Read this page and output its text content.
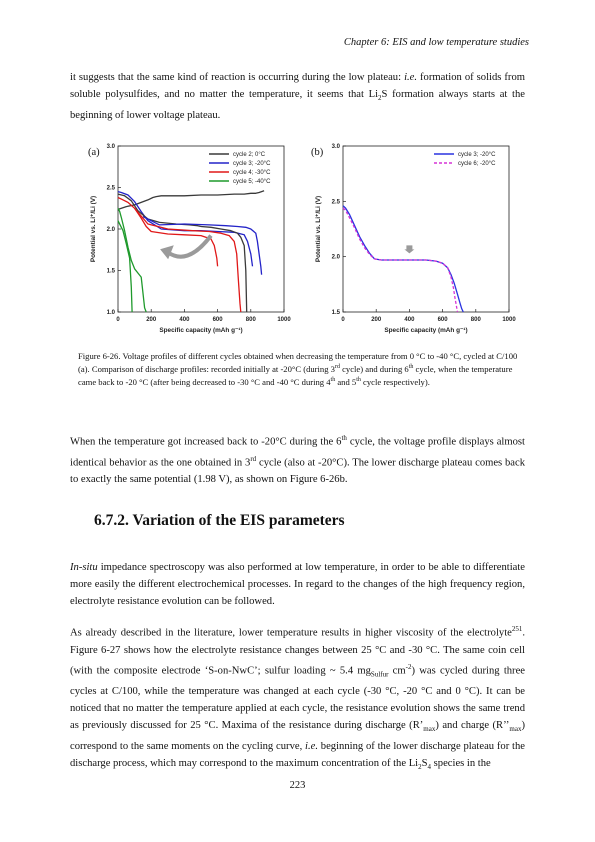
Chapter 6: EIS and low temperature studies

it suggests that the same kind of reaction is occurring during the low plateau: i.e. formation of solids from soluble polysulfides, and no matter the temperature, it seems that $Li_2S$ formation always starts at the beginning of lower voltage plateau.

(a)	(b)
0	200	400	600	800	1000
1.0
1.5
2.0
2.5
3.0
Specific capacity (mAh g⁻¹)
Potential vs. Li⁺/Li (V)
cycle 2; 0°C
cycle 3; -20°C
cycle 4; -30°C
cycle 5; -40°C
0	200	400	600	800	1000
1.5
2.0
2.5
3.0
Specific capacity (mAh g⁻¹)
Potential vs. Li⁺/Li (V)
cycle 3; -20°C
cycle 6; -20°C

Figure 6-26. Voltage profiles of different cycles obtained when decreasing the temperature from 0 °C to -40 °C, cycled at C/100 (a). Comparison of discharge profiles: recorded initially at -20°C (during 3rd cycle) and during 6th cycle, when the temperature came back to -20 °C (after being decreased to -30 °C and -40 °C during 4th and 5th cycle respectively).

When the temperature got increased back to -20°C during the 6th cycle, the voltage profile displays almost identical behavior as the one obtained in 3rd cycle (also at -20°C). The lower discharge plateau comes back to exactly the same potential (1.98 V), as shown on Figure 6-26b.

6.7.2. Variation of the EIS parameters

In-situ impedance spectroscopy was also performed at low temperature, in order to be able to differentiate more easily the different electrochemical processes. In regard to the changes of the high frequency region, electrolyte resistance evolution can be followed.

As already described in the literature, lower temperature results in higher viscosity of the electrolyte$^{251}$. Figure 6-27 shows how the electrolyte resistance changes between 25 °C and -30 °C. The same coin cell (with the composite electrode ‘S-on-NwC’; sulfur loading ~ 5.4 $mg_{Sulfur}$ $cm^{-2}$) was cycled during three cycles at C/100, while the temperature was changed at each cycle (-30 °C, -20 °C and 0 °C). It can be noticed that no matter the temperature applied at each cycle, the resistance evolution shows the same trend as previously discussed for 25 °C. Maxima of the resistance during discharge $(R’_{max})$ and charge $(R’’_{max})$ correspond to the same moments on the cycling curve, i.e. beginning of the lower discharge plateau for the discharge process, which may correspond to the maximum concentration of the $Li_2S_4$ species in the

223
